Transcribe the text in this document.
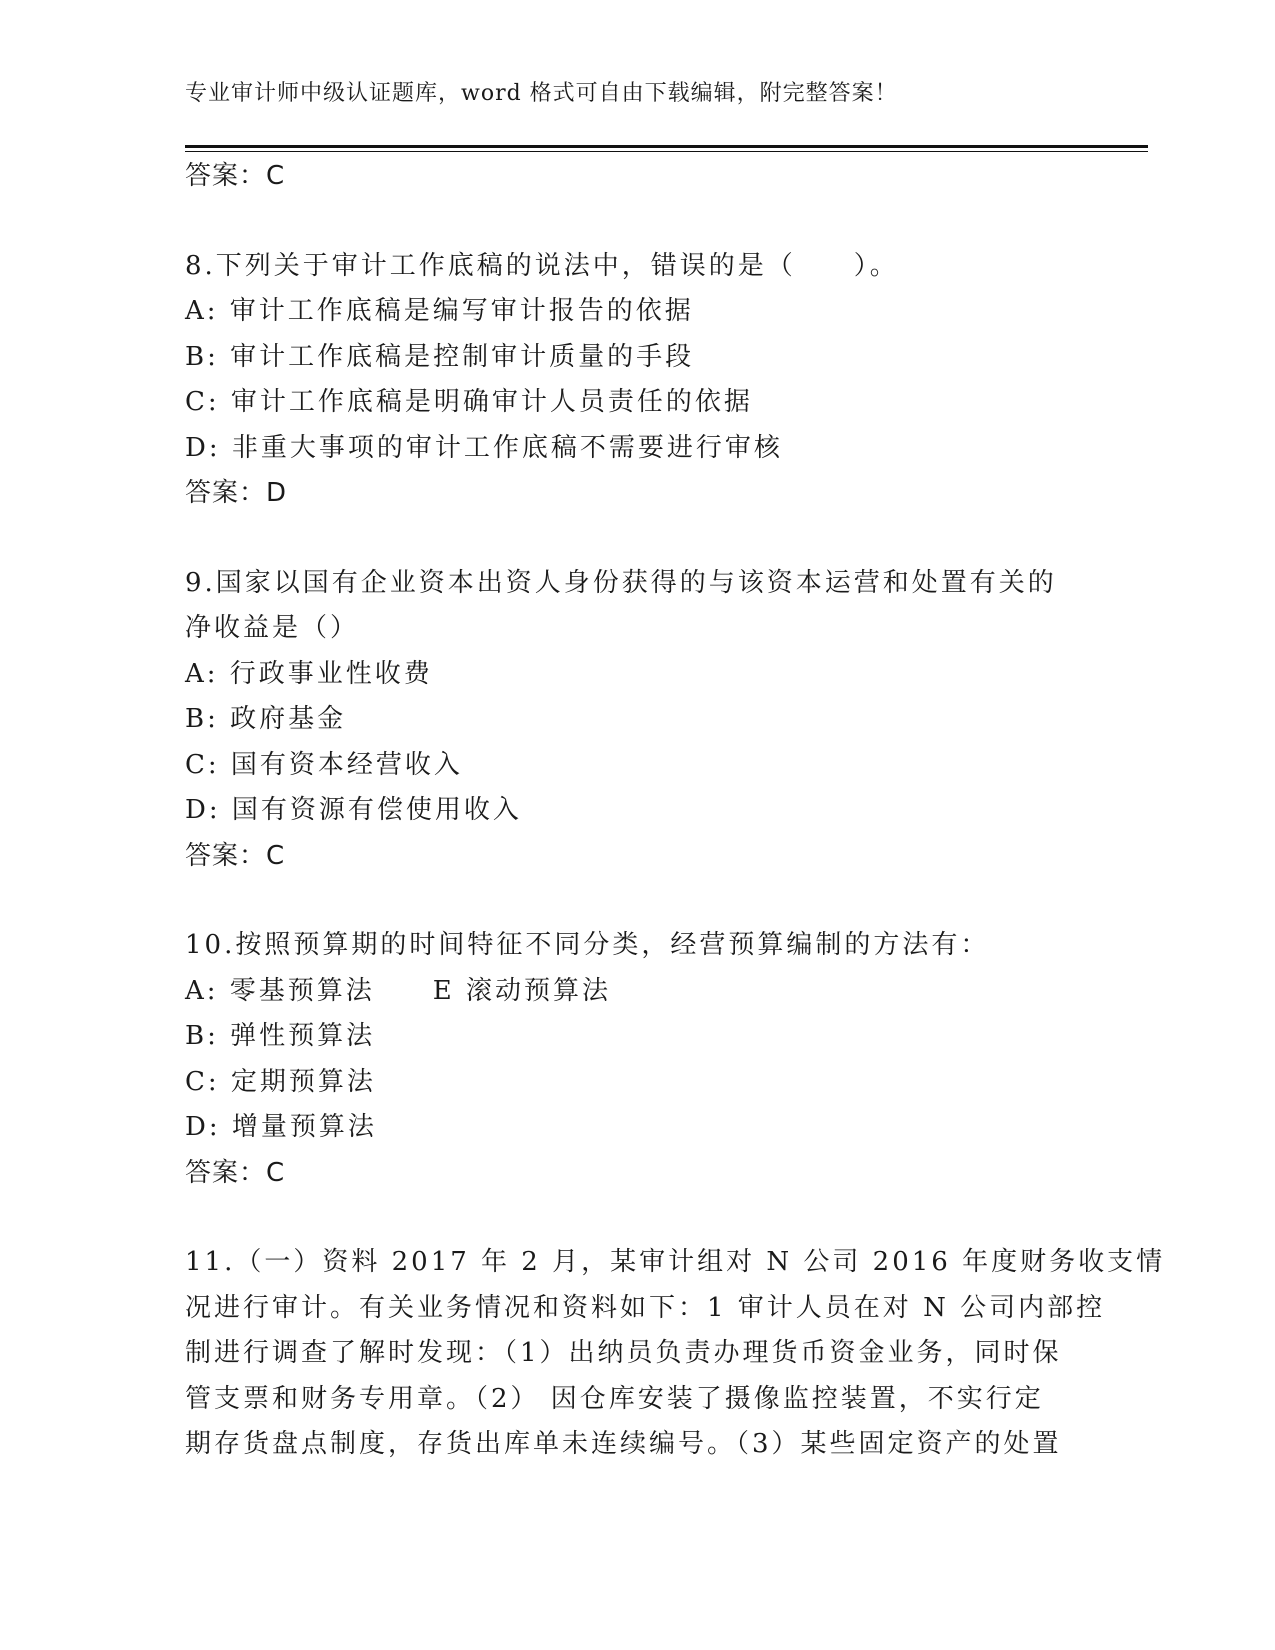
专业审计师中级认证题库，word 格式可自由下载编辑，附完整答案！
答案：C
8.下列关于审计工作底稿的说法中，错误的是（　　）。
A: 审计工作底稿是编写审计报告的依据
B: 审计工作底稿是控制审计质量的手段
C: 审计工作底稿是明确审计人员责任的依据
D: 非重大事项的审计工作底稿不需要进行审核
答案：D
9.国家以国有企业资本出资人身份获得的与该资本运营和处置有关的
净收益是（）
A: 行政事业性收费
B: 政府基金
C: 国有资本经营收入
D: 国有资源有偿使用收入
答案：C
10.按照预算期的时间特征不同分类，经营预算编制的方法有：
A: 零基预算法　　E 滚动预算法
B: 弹性预算法
C: 定期预算法
D: 增量预算法
答案：C
11.（一）资料 2017 年 2 月，某审计组对 N 公司 2016 年度财务收支情
况进行审计。有关业务情况和资料如下：1 审计人员在对 N 公司内部控
制进行调查了解时发现：（1）出纳员负责办理货币资金业务，同时保
管支票和财务专用章。（2） 因仓库安装了摄像监控装置，不实行定
期存货盘点制度，存货出库单未连续编号。（3）某些固定资产的处置
